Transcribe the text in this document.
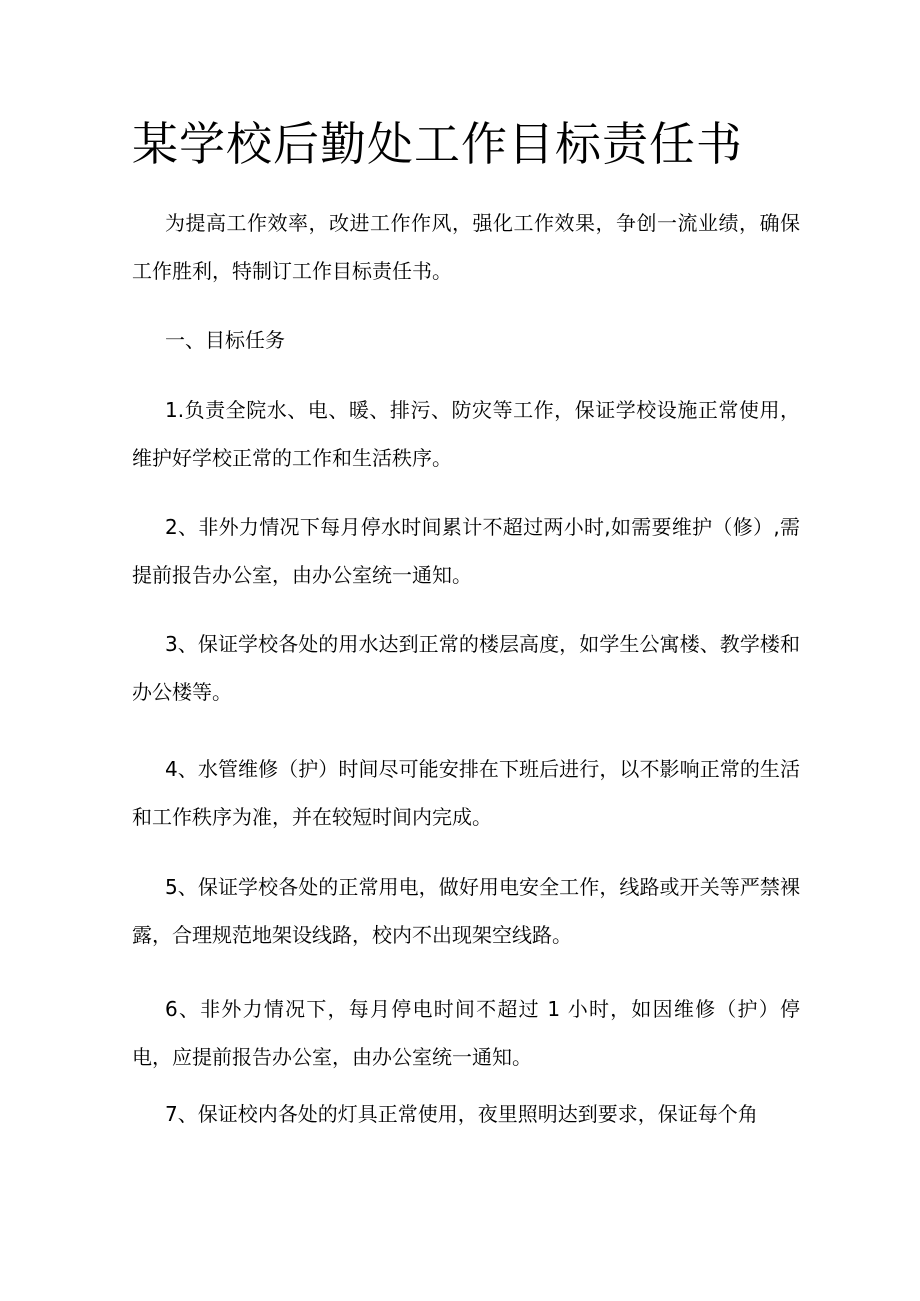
某学校后勤处工作目标责任书

为提高工作效率，改进工作作风，强化工作效果，争创一流业绩，确保工作胜利，特制订工作目标责任书。

一、目标任务

1.负责全院水、电、暖、排污、防灾等工作，保证学校设施正常使用，维护好学校正常的工作和生活秩序。

2、非外力情况下每月停水时间累计不超过两小时,如需要维护（修）,需提前报告办公室，由办公室统一通知。

3、保证学校各处的用水达到正常的楼层高度，如学生公寓楼、教学楼和办公楼等。

4、水管维修（护）时间尽可能安排在下班后进行，以不影响正常的生活和工作秩序为准，并在较短时间内完成。

5、保证学校各处的正常用电，做好用电安全工作，线路或开关等严禁裸露，合理规范地架设线路，校内不出现架空线路。

6、非外力情况下，每月停电时间不超过 1 小时，如因维修（护）停电，应提前报告办公室，由办公室统一通知。

7、保证校内各处的灯具正常使用，夜里照明达到要求，保证每个角
